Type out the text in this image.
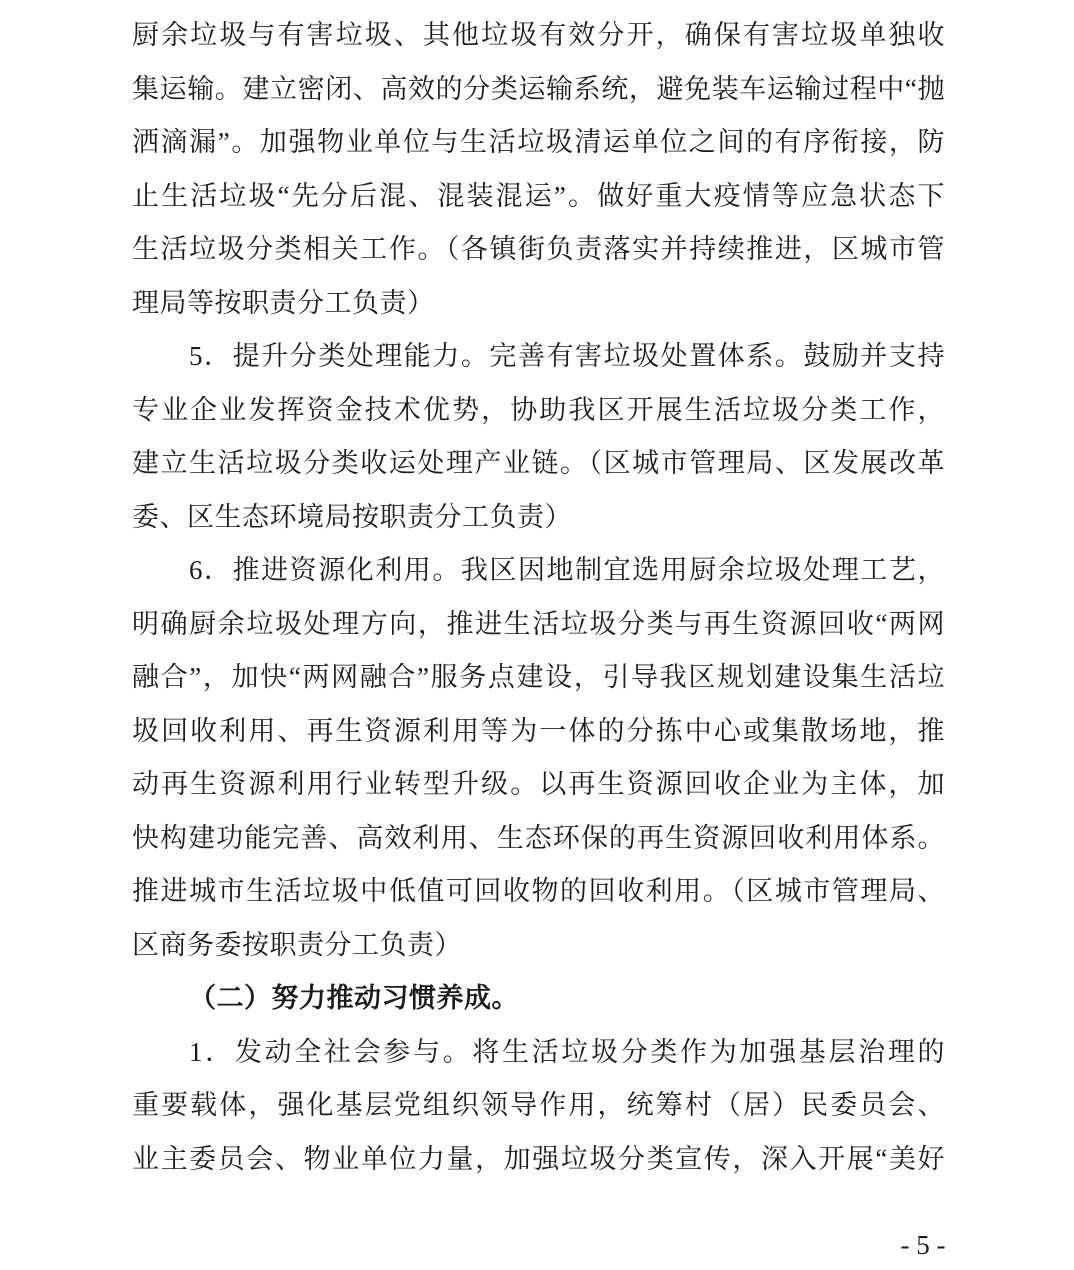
厨余垃圾与有害垃圾、其他垃圾有效分开，确保有害垃圾单独收
集运输。建立密闭、高效的分类运输系统，避免装车运输过程中“抛
洒滴漏”。加强物业单位与生活垃圾清运单位之间的有序衔接，防
止生活垃圾“先分后混、混装混运”。做好重大疫情等应急状态下
生活垃圾分类相关工作。（各镇街负责落实并持续推进，区城市管
理局等按职责分工负责）
5．提升分类处理能力。完善有害垃圾处置体系。鼓励并支持
专业企业发挥资金技术优势，协助我区开展生活垃圾分类工作，
建立生活垃圾分类收运处理产业链。（区城市管理局、区发展改革
委、区生态环境局按职责分工负责）
6．推进资源化利用。我区因地制宜选用厨余垃圾处理工艺，
明确厨余垃圾处理方向，推进生活垃圾分类与再生资源回收“两网
融合”，加快“两网融合”服务点建设，引导我区规划建设集生活垃
圾回收利用、再生资源利用等为一体的分拣中心或集散场地，推
动再生资源利用行业转型升级。以再生资源回收企业为主体，加
快构建功能完善、高效利用、生态环保的再生资源回收利用体系。
推进城市生活垃圾中低值可回收物的回收利用。（区城市管理局、
区商务委按职责分工负责）
（二）努力推动习惯养成。
1．发动全社会参与。将生活垃圾分类作为加强基层治理的
重要载体，强化基层党组织领导作用，统筹村（居）民委员会、
业主委员会、物业单位力量，加强垃圾分类宣传，深入开展“美好
- 5 -
